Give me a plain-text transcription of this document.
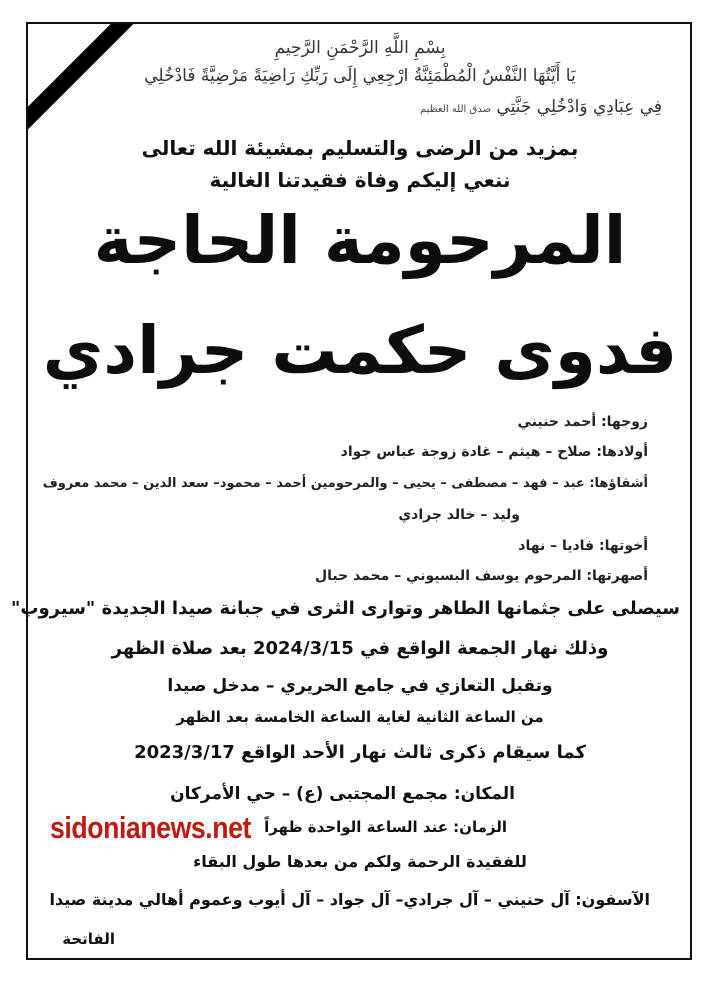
بِسْمِ اللَّهِ الرَّحْمَنِ الرَّحِيمِ
يَا أَيَّتُهَا النَّفْسُ الْمُطْمَئِنَّةُ ارْجِعِي إِلَى رَبِّكِ رَاضِيَةً مَرْضِيَّةً فَادْخُلِي
فِي عِبَادِي وَادْخُلِي جَنَّتِي صدق الله العظيم
بمزيد من الرضى والتسليم بمشيئة الله تعالى
ننعي إليكم وفاة فقيدتنا الغالية
المرحومة الحاجة
فدوى حكمت جرادي
زوجها: أحمد حنيني
أولادها: صلاح – هيثم – غادة زوجة عباس جواد
أشقاؤها: عبد – فهد – مصطفى – يحيى – والمرحومين أحمد – محمود– سعد الدين – محمد معروف
وليد – خالد جرادي
أخوتها: فاديا – نهاد
أصهرتها: المرحوم يوسف البسيوني – محمد حبال
سيصلى على جثمانها الطاهر وتوارى الثرى في جبانة صيدا الجديدة "سيروب"
وذلك نهار الجمعة الواقع في 2024/3/15 بعد صلاة الظهر
وتقبل التعازي في جامع الحريري – مدخل صيدا
من الساعة الثانية لغاية الساعة الخامسة بعد الظهر
كما سيقام ذكرى ثالث نهار الأحد الواقع 2023/3/17
المكان: مجمع المجتبى (ع) – حي الأمركان
الزمان: عند الساعة الواحدة ظهراً
للفقيدة الرحمة ولكم من بعدها طول البقاء
الآسفون: آل حنيني – آل جرادي– آل جواد – آل أيوب وعموم أهالي مدينة صيدا
الفاتحة
sidonianews.net
